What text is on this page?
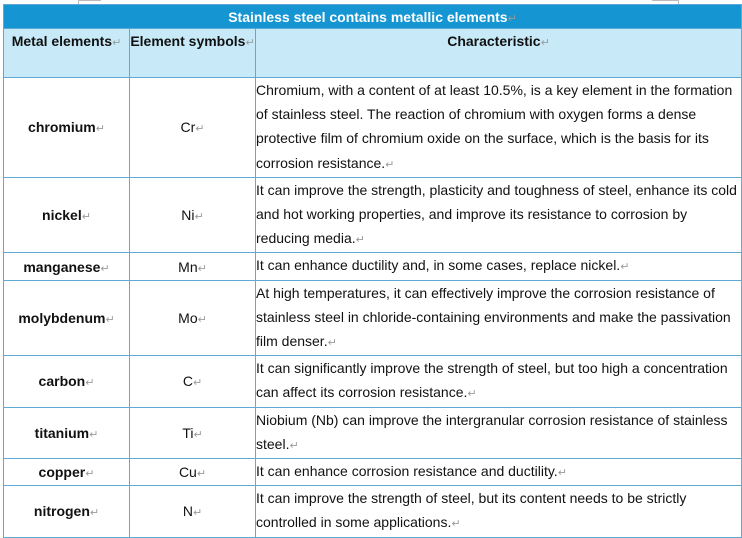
Stainless steel contains metallic elements↵		
Metal elements↵	Element symbols↵	Characteristic↵
chromium↵	Cr↵	Chromium, with a content of at least 10.5%, is a key element in the formation of stainless steel. The reaction of chromium with oxygen forms a dense protective film of chromium oxide on the surface, which is the basis for its corrosion resistance.↵
nickel↵	Ni↵	It can improve the strength, plasticity and toughness of steel, enhance its cold and hot working properties, and improve its resistance to corrosion by reducing media.↵
manganese↵	Mn↵	It can enhance ductility and, in some cases, replace nickel.↵
molybdenum↵	Mo↵	At high temperatures, it can effectively improve the corrosion resistance of stainless steel in chloride-containing environments and make the passivation film denser.↵
carbon↵	C↵	It can significantly improve the strength of steel, but too high a concentration can affect its corrosion resistance.↵
titanium↵	Ti↵	Niobium (Nb) can improve the intergranular corrosion resistance of stainless steel.↵
copper↵	Cu↵	It can enhance corrosion resistance and ductility.↵
nitrogen↵	N↵	It can improve the strength of steel, but its content needs to be strictly controlled in some applications.↵
